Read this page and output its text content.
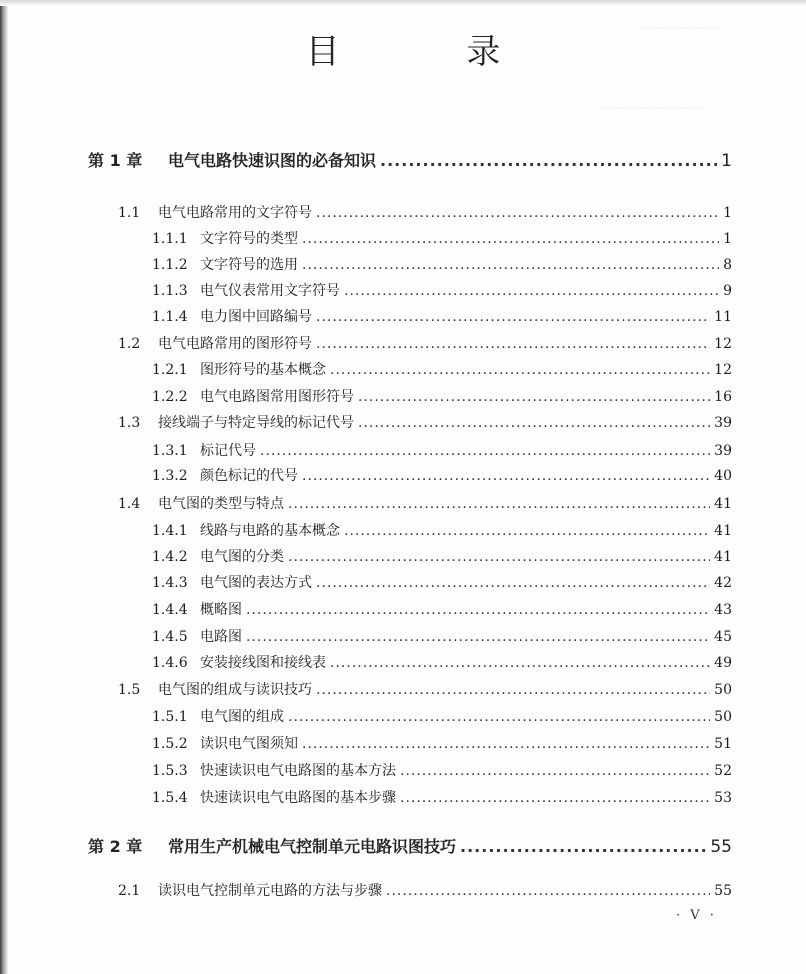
——————
————————
目 录
第 1 章	电气电路快速识图的必备知识 .....	1
1.1	电气电路常用的文字符号 .....	1
1.1.1 文字符号的类型 .....	1
1.1.2 文字符号的选用 .....	8
1.1.3 电气仪表常用文字符号 .....	9
1.1.4 电力图中回路编号 .....	11
1.2	电气电路常用的图形符号 .....	12
1.2.1 图形符号的基本概念 .....	12
1.2.2 电气电路图常用图形符号 .....	16
1.3	接线端子与特定导线的标记代号 .....	39
1.3.1 标记代号 .....	39
1.3.2 颜色标记的代号 .....	40
1.4	电气图的类型与特点 .....	41
1.4.1 线路与电路的基本概念 .....	41
1.4.2 电气图的分类 .....	41
1.4.3 电气图的表达方式 .....	42
1.4.4 概略图 .....	43
1.4.5 电路图 .....	45
1.4.6 安装接线图和接线表 .....	49
1.5	电气图的组成与读识技巧 .....	50
1.5.1 电气图的组成 .....	50
1.5.2 读识电气图须知 .....	51
1.5.3 快速读识电气电路图的基本方法 .....	52
1.5.4 快速读识电气电路图的基本步骤 .....	53
第 2 章	常用生产机械电气控制单元电路识图技巧 .....	55
2.1	读识电气控制单元电路的方法与步骤 .....	55
· V ·
